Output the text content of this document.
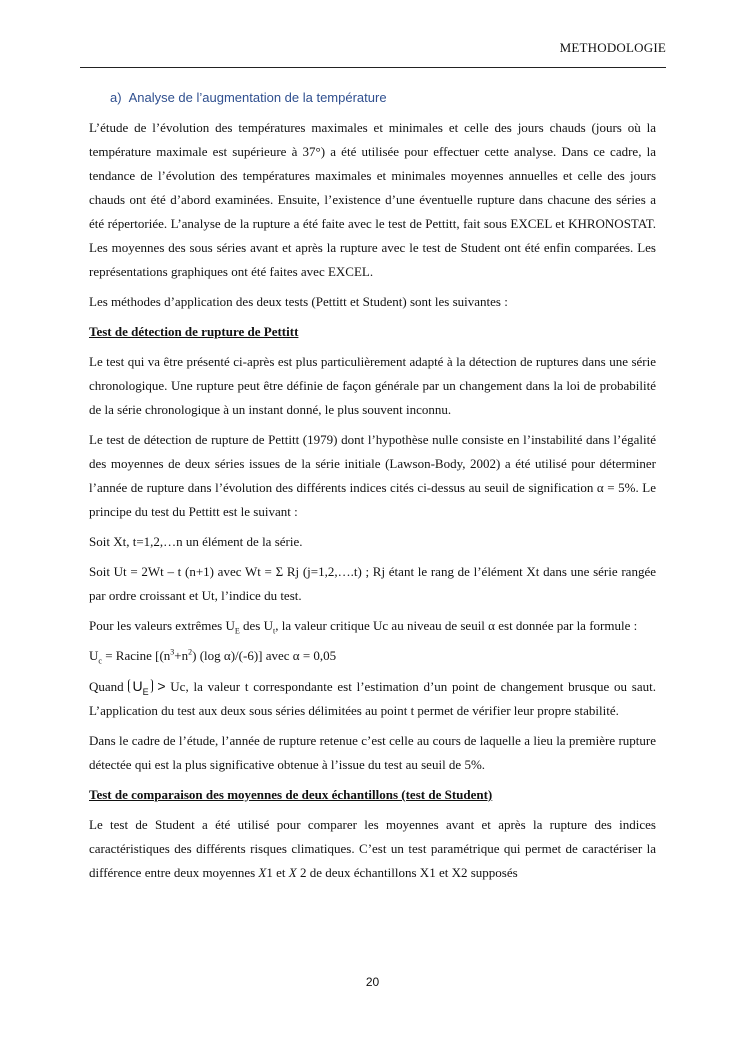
METHODOLOGIE
a) Analyse de l’augmentation de la température

L’étude de l’évolution des températures maximales et minimales et celle des jours chauds (jours où la température maximale est supérieure à 37°) a été utilisée pour effectuer cette analyse. Dans ce cadre, la tendance de l’évolution des températures maximales et minimales moyennes annuelles et celle des jours chauds ont été d’abord examinées. Ensuite, l’existence d’une éventuelle rupture dans chacune des séries a été répertoriée. L’analyse de la rupture a été faite avec le test de Pettitt, fait sous EXCEL et KHRONOSTAT. Les moyennes des sous séries avant et après la rupture avec le test de Student ont été enfin comparées. Les représentations graphiques ont été faites avec EXCEL.

Les méthodes d’application des deux tests (Pettitt et Student) sont les suivantes :

Test de détection de rupture de Pettitt

Le test qui va être présenté ci-après est plus particulièrement adapté à la détection de ruptures dans une série chronologique. Une rupture peut être définie de façon générale par un changement dans la loi de probabilité de la série chronologique à un instant donné, le plus souvent inconnu.

Le test de détection de rupture de Pettitt (1979) dont l’hypothèse nulle consiste en l’instabilité dans l’égalité des moyennes de deux séries issues de la série initiale (Lawson-Body, 2002) a été utilisé pour déterminer l’année de rupture dans l’évolution des différents indices cités ci-dessus au seuil de signification α = 5%. Le principe du test du Pettitt est le suivant :

Soit Xt, t=1,2,…n un élément de la série.

Soit Ut = 2Wt – t (n+1) avec Wt = Σ Rj (j=1,2,….t) ; Rj étant le rang de l’élément Xt dans une série rangée par ordre croissant et Ut, l’indice du test.

Pour les valeurs extrêmes $U_E$ des $U_t$, la valeur critique Uc au niveau de seuil α est donnée par la formule :

$U_c$ = Racine [$(n^3+n^2)$ (log α)/(-6)] avec α = 0,05

Quand $U_E > Uc$, la valeur t correspondante est l’estimation d’un point de changement brusque ou saut. L’application du test aux deux sous séries délimitées au point t permet de vérifier leur propre stabilité.

Dans le cadre de l’étude, l’année de rupture retenue c’est celle au cours de laquelle a lieu la première rupture détectée qui est la plus significative obtenue à l’issue du test au seuil de 5%.

Test de comparaison des moyennes de deux échantillons (test de Student)

Le test de Student a été utilisé pour comparer les moyennes avant et après la rupture des indices caractéristiques des différents risques climatiques. C’est un test paramétrique qui permet de caractériser la différence entre deux moyennes X1 et X 2 de deux échantillons X1 et X2 supposés

20
